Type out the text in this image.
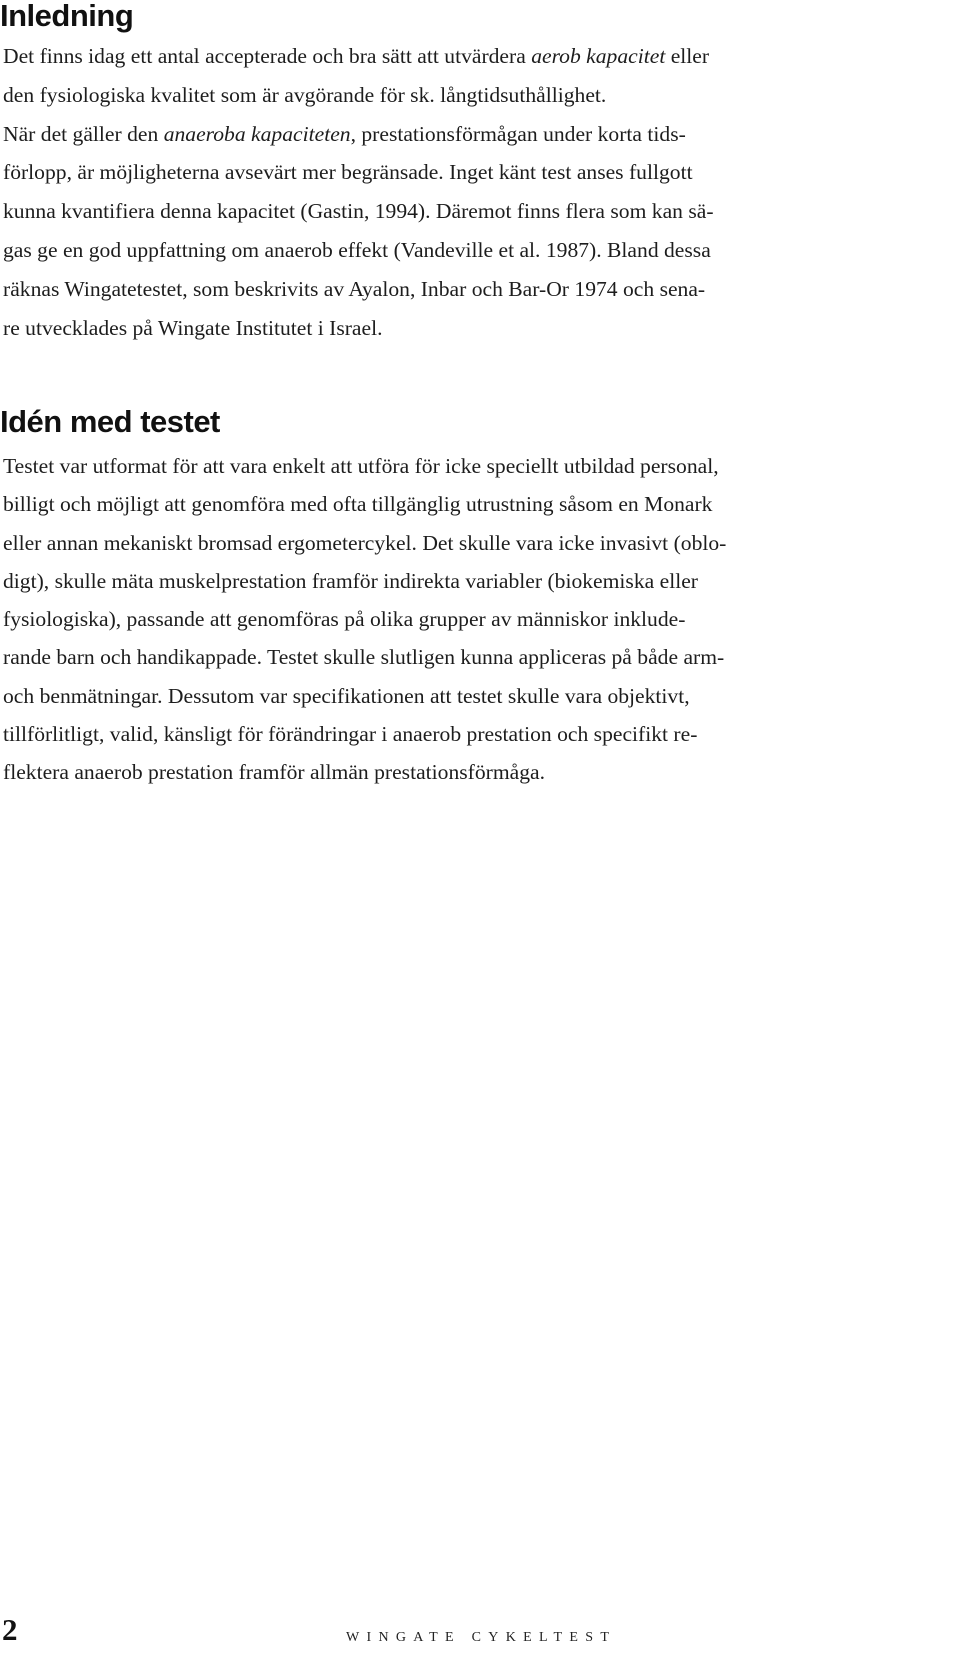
Inledning
Det finns idag ett antal accepterade och bra sätt att utvärdera aerob kapacitet eller
den fysiologiska kvalitet som är avgörande för sk. långtidsuthållighet.
När det gäller den anaeroba kapaciteten, prestationsförmågan under korta tids-
förlopp, är möjligheterna avsevärt mer begränsade. Inget känt test anses fullgott
kunna kvantifiera denna kapacitet (Gastin, 1994). Däremot finns flera som kan sä-
gas ge en god uppfattning om anaerob effekt (Vandeville et al. 1987). Bland dessa
räknas Wingatetestet, som beskrivits av Ayalon, Inbar och Bar-Or 1974 och sena-
re utvecklades på Wingate Institutet i Israel.
Idén med testet
Testet var utformat för att vara enkelt att utföra för icke speciellt utbildad personal,
billigt och möjligt att genomföra med ofta tillgänglig utrustning såsom en Monark
eller annan mekaniskt bromsad ergometercykel. Det skulle vara icke invasivt (oblo-
digt), skulle mäta muskelprestation framför indirekta variabler (biokemiska eller
fysiologiska), passande att genomföras på olika grupper av människor inklude-
rande barn och handikappade. Testet skulle slutligen kunna appliceras på både arm-
och benmätningar. Dessutom var specifikationen att testet skulle vara objektivt,
tillförlitligt, valid, känsligt för förändringar i anaerob prestation och specifikt re-
flektera anaerob prestation framför allmän prestationsförmåga.
2	WINGATE CYKELTEST
